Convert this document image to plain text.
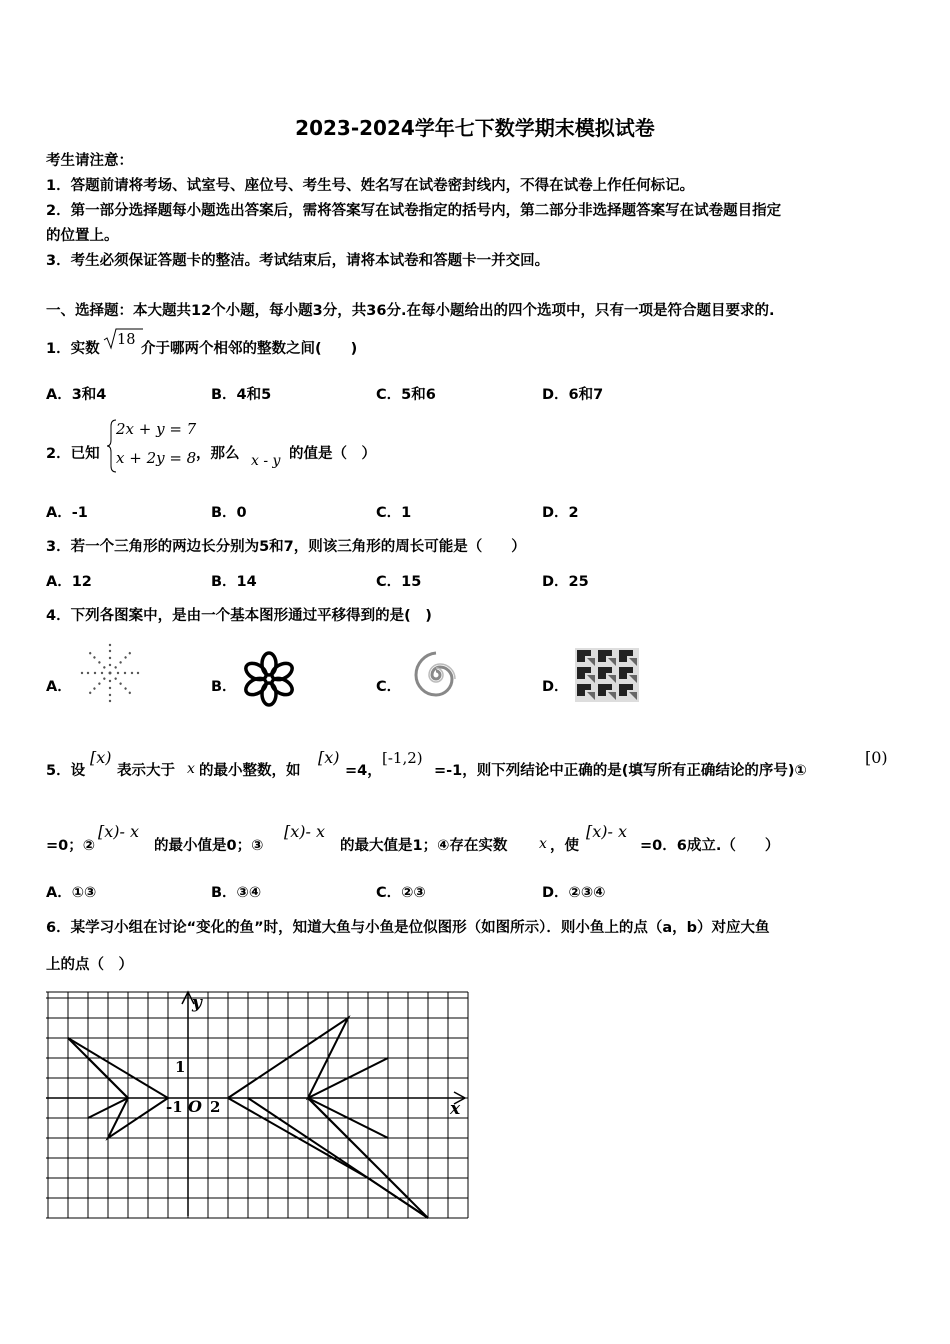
2023-2024学年七下数学期末模拟试卷
考生请注意：
1．答题前请将考场、试室号、座位号、考生号、姓名写在试卷密封线内，不得在试卷上作任何标记。
2．第一部分选择题每小题选出答案后，需将答案写在试卷指定的括号内，第二部分非选择题答案写在试卷题目指定
的位置上。
3．考生必须保证答题卡的整洁。考试结束后，请将本试卷和答题卡一并交回。
一、选择题：本大题共12个小题，每小题3分，共36分.在每小题给出的四个选项中，只有一项是符合题目要求的.
1．实数
18
介于哪两个相邻的整数之间(　　)
A．3和4	B．4和5	C．5和6	D．6和7
2．已知
2x + y = 7
x + 2y = 8 ，那么 x - y 的值是（　）
A．-1	B．0	C．1	D．2
3．若一个三角形的两边长分别为5和7，则该三角形的周长可能是（　　）
A．12	B．14	C．15	D．25
4．下列各图案中，是由一个基本图形通过平移得到的是(　)
A．	B．	C．	D．
5．设
[x)
表示大于 x 的最小整数，如
[x)
=4，
[-1,2)
=-1，则下列结论中正确的是(填写所有正确结论的序号)①
[0)
=0；②
[x)- x
的最小值是0；③
[x)- x
的最大值是1；④存在实数 x ，使
[x)- x
=0．6成立.（　　）
A．①③	B．③④	C．②③	D．②③④
6．某学习小组在讨论“变化的鱼”时，知道大鱼与小鱼是位似图形（如图所示）．则小鱼上的点（a，b）对应大鱼
上的点（　）
y
x
1
-1 O 2
